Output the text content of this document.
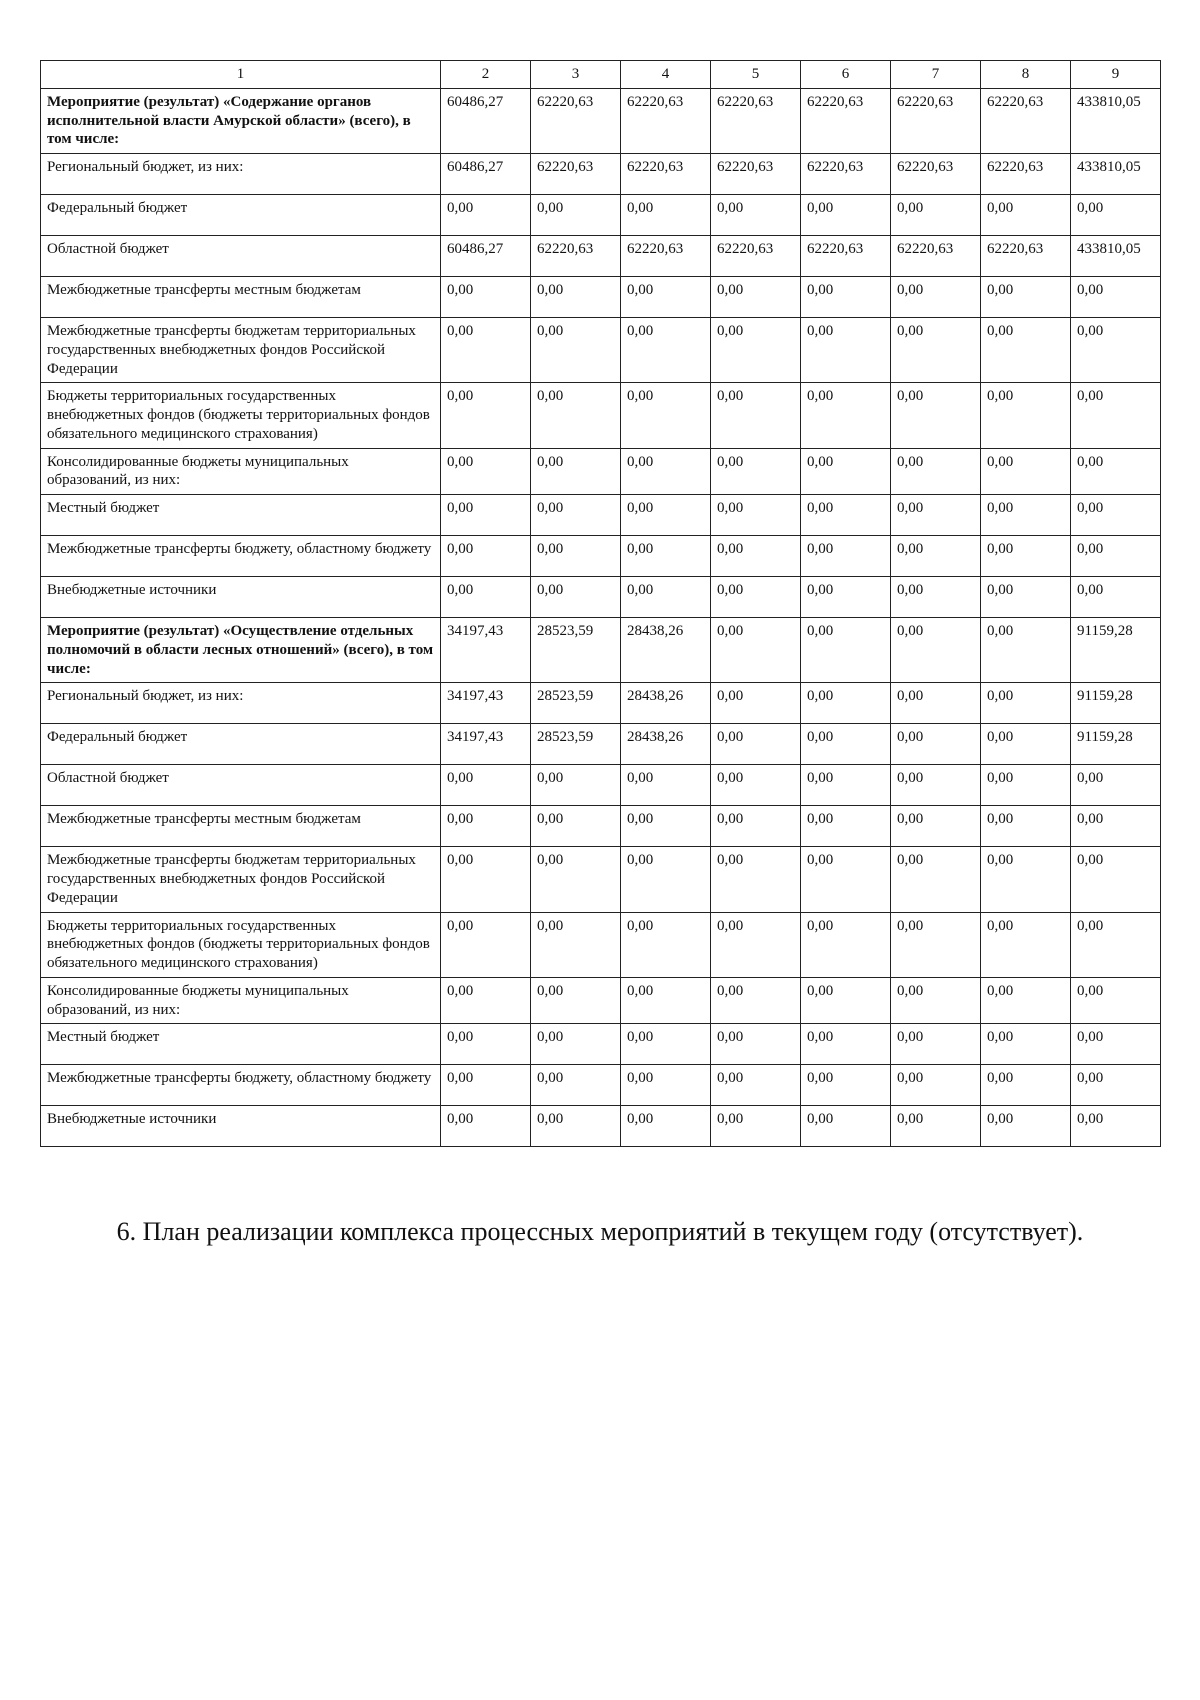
1	2	3	4	5	6	7	8	9
Мероприятие (результат) «Содержание органов исполнительной власти Амурской области» (всего), в том числе:	60486,27	62220,63	62220,63	62220,63	62220,63	62220,63	62220,63	433810,05
Региональный бюджет, из них:	60486,27	62220,63	62220,63	62220,63	62220,63	62220,63	62220,63	433810,05
Федеральный бюджет	0,00	0,00	0,00	0,00	0,00	0,00	0,00	0,00
Областной бюджет	60486,27	62220,63	62220,63	62220,63	62220,63	62220,63	62220,63	433810,05
Межбюджетные трансферты местным бюджетам	0,00	0,00	0,00	0,00	0,00	0,00	0,00	0,00
Межбюджетные трансферты бюджетам территориальных государственных внебюджетных фондов Российской Федерации	0,00	0,00	0,00	0,00	0,00	0,00	0,00	0,00
Бюджеты территориальных государственных внебюджетных фондов (бюджеты территориальных фондов обязательного медицинского страхования)	0,00	0,00	0,00	0,00	0,00	0,00	0,00	0,00
Консолидированные бюджеты муниципальных образований, из них:	0,00	0,00	0,00	0,00	0,00	0,00	0,00	0,00
Местный бюджет	0,00	0,00	0,00	0,00	0,00	0,00	0,00	0,00
Межбюджетные трансферты бюджету, областному бюджету	0,00	0,00	0,00	0,00	0,00	0,00	0,00	0,00
Внебюджетные источники	0,00	0,00	0,00	0,00	0,00	0,00	0,00	0,00
Мероприятие (результат) «Осуществление отдельных полномочий в области лесных отношений» (всего), в том числе:	34197,43	28523,59	28438,26	0,00	0,00	0,00	0,00	91159,28
Региональный бюджет, из них:	34197,43	28523,59	28438,26	0,00	0,00	0,00	0,00	91159,28
Федеральный бюджет	34197,43	28523,59	28438,26	0,00	0,00	0,00	0,00	91159,28
Областной бюджет	0,00	0,00	0,00	0,00	0,00	0,00	0,00	0,00
Межбюджетные трансферты местным бюджетам	0,00	0,00	0,00	0,00	0,00	0,00	0,00	0,00
Межбюджетные трансферты бюджетам территориальных государственных внебюджетных фондов Российской Федерации	0,00	0,00	0,00	0,00	0,00	0,00	0,00	0,00
Бюджеты территориальных государственных внебюджетных фондов (бюджеты территориальных фондов обязательного медицинского страхования)	0,00	0,00	0,00	0,00	0,00	0,00	0,00	0,00
Консолидированные бюджеты муниципальных образований, из них:	0,00	0,00	0,00	0,00	0,00	0,00	0,00	0,00
Местный бюджет	0,00	0,00	0,00	0,00	0,00	0,00	0,00	0,00
Межбюджетные трансферты бюджету, областному бюджету	0,00	0,00	0,00	0,00	0,00	0,00	0,00	0,00
Внебюджетные источники	0,00	0,00	0,00	0,00	0,00	0,00	0,00	0,00
6. План реализации комплекса процессных мероприятий в текущем году (отсутствует).
